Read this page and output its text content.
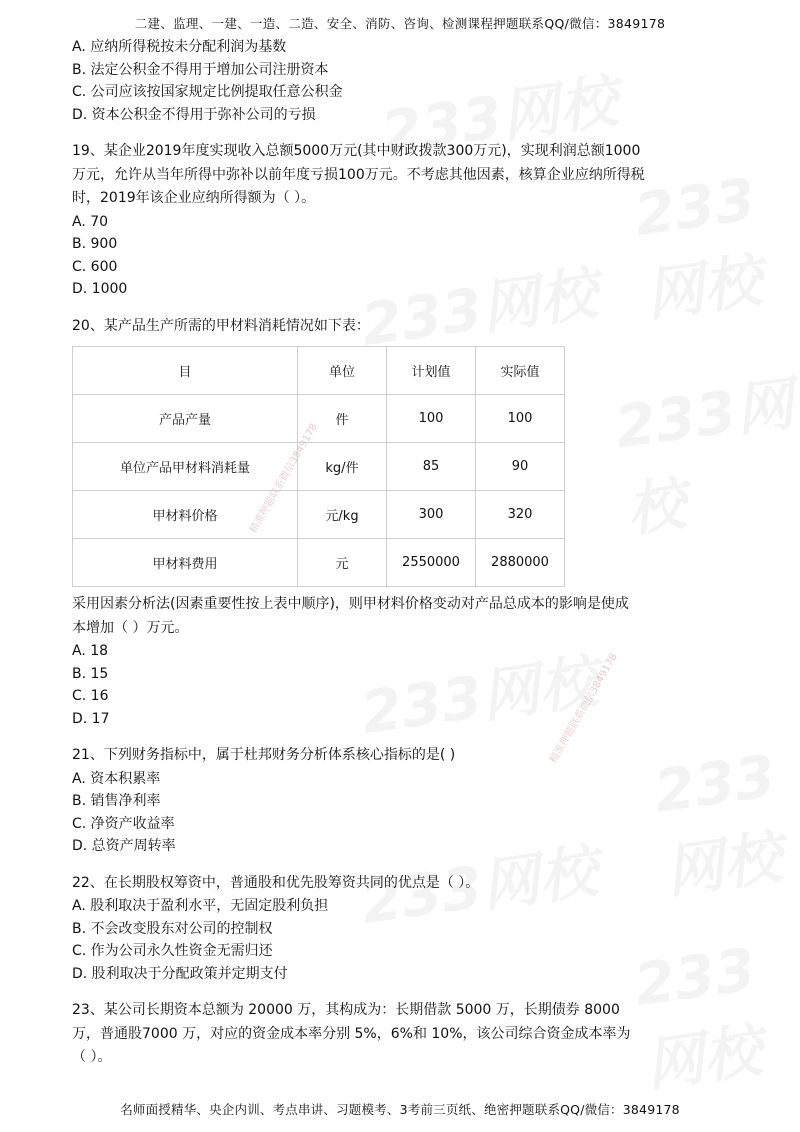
精准押题联系微信3849178
精准押题联系微信3849178
二建、监理、一建、一造、二造、安全、消防、咨询、检测课程押题联系QQ/微信：3849178
A. 应纳所得税按未分配利润为基数
B. 法定公积金不得用于增加公司注册资本
C. 公司应该按国家规定比例提取任意公积金
D. 资本公积金不得用于弥补公司的亏损
19、某企业2019年度实现收入总额5000万元(其中财政拨款300万元)，实现利润总额1000
万元，允许从当年所得中弥补以前年度亏损100万元。不考虑其他因素，核算企业应纳所得税
时，2019年该企业应纳所得额为（ ）。
A. 70
B. 900
C. 600
D. 1000
20、某产品生产所需的甲材料消耗情况如下表：
目	单位	计划值	实际值
产品产量	件	100	100
单位产品甲材料消耗量	kg/件	85	90
甲材料价格	元/kg	300	320
甲材料费用	元	2550000	2880000
采用因素分析法(因素重要性按上表中顺序)，则甲材料价格变动对产品总成本的影响是使成
本增加（ ）万元。
A. 18
B. 15
C. 16
D. 17
21、下列财务指标中，属于杜邦财务分析体系核心指标的是( )
A. 资本积累率
B. 销售净利率
C. 净资产收益率
D. 总资产周转率
22、在长期股权筹资中，普通股和优先股筹资共同的优点是（ ）。
A. 股利取决于盈利水平，无固定股利负担
B. 不会改变股东对公司的控制权
C. 作为公司永久性资金无需归还
D. 股利取决于分配政策并定期支付
23、某公司长期资本总额为 20000 万，其构成为：长期借款 5000 万，长期债券 8000
万，普通股7000 万，对应的资金成本率分别 5%，6%和 10%，该公司综合资金成本率为
（ ）。
名师面授精华、央企内训、考点串讲、习题模考、3考前三页纸、绝密押题联系QQ/微信：3849178
